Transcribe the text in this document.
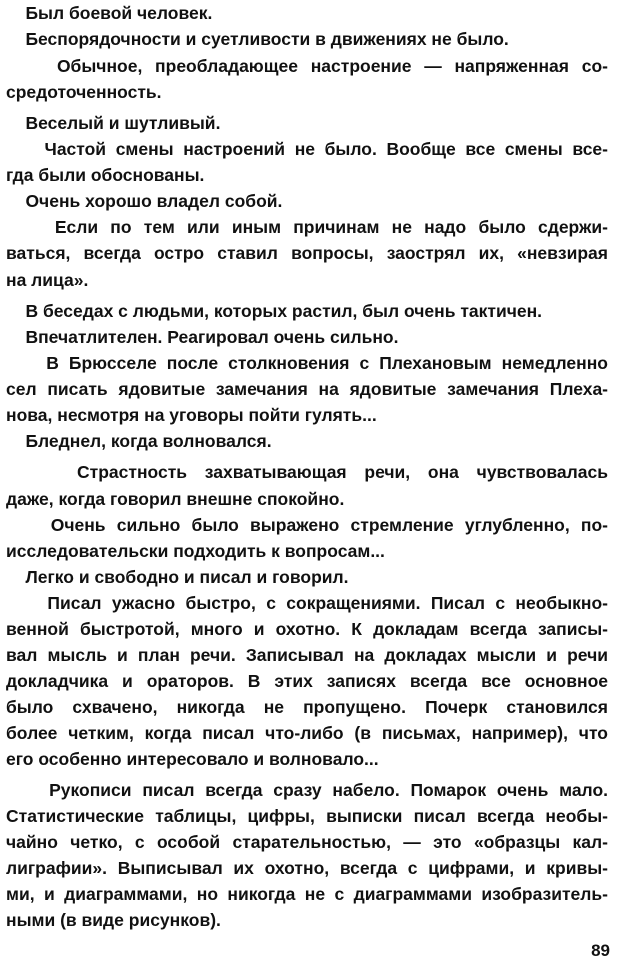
Был боевой человек.
Беспорядочности и суетливости в движениях не было.
Обычное, преобладающее настроение — напряженная со-
средоточенность.
Веселый и шутливый.
Частой смены настроений не было. Вообще все смены все-
гда были обоснованы.
Очень хорошо владел собой.
Если по тем или иным причинам не надо было сдержи-
ваться, всегда остро ставил вопросы, заострял их, «невзирая
на лица».
В беседах с людьми, которых растил, был очень тактичен.
Впечатлителен. Реагировал очень сильно.
В Брюсселе после столкновения с Плехановым немедленно
сел писать ядовитые замечания на ядовитые замечания Плеха-
нова, несмотря на уговоры пойти гулять...
Бледнел, когда волновался.
Страстность захватывающая речи, она чувствовалась
даже, когда говорил внешне спокойно.
Очень сильно было выражено стремление углубленно, по-
исследовательски подходить к вопросам...
Легко и свободно и писал и говорил.
Писал ужасно быстро, с сокращениями. Писал с необыкно-
венной быстротой, много и охотно. К докладам всегда записы-
вал мысль и план речи. Записывал на докладах мысли и речи
докладчика и ораторов. В этих записях всегда все основное
было схвачено, никогда не пропущено. Почерк становился
более четким, когда писал что-либо (в письмах, например), что
его особенно интересовало и волновало...
Рукописи писал всегда сразу набело. Помарок очень мало.
Статистические таблицы, цифры, выписки писал всегда необы-
чайно четко, с особой старательностью, — это «образцы кал-
лиграфии». Выписывал их охотно, всегда с цифрами, и кривы-
ми, и диаграммами, но никогда не с диаграммами изобразитель-
ными (в виде рисунков).
89
